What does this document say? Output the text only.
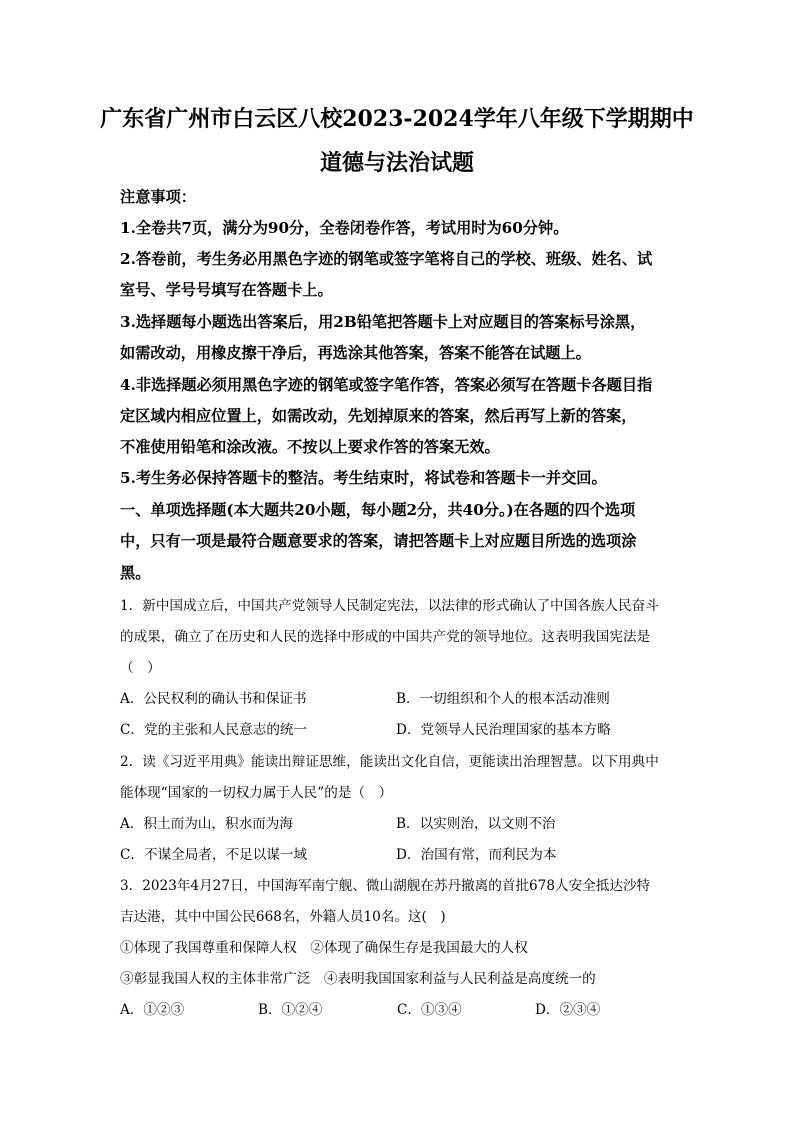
广东省广州市白云区八校2023-2024学年八年级下学期期中
道德与法治试题
注意事项：
1.全卷共7页，满分为90分，全卷闭卷作答，考试用时为60分钟。
2.答卷前，考生务必用黑色字迹的钢笔或签字笔将自己的学校、班级、姓名、试
室号、学号号填写在答题卡上。
3.选择题每小题选出答案后，用2B铅笔把答题卡上对应题目的答案标号涂黑，
如需改动，用橡皮擦干净后，再选涂其他答案，答案不能答在试题上。
4.非选择题必须用黑色字迹的钢笔或签字笔作答，答案必须写在答题卡各题目指
定区域内相应位置上，如需改动，先划掉原来的答案，然后再写上新的答案，
不准使用铅笔和涂改液。不按以上要求作答的答案无效。
5.考生务必保持答题卡的整洁。考生结束时，将试卷和答题卡一并交回。
一、单项选择题(本大题共20小题，每小题2分，共40分。)在各题的四个选项
中，只有一项是最符合题意要求的答案，请把答题卡上对应题目所选的选项涂
黑。
1．新中国成立后，中国共产党领导人民制定宪法，以法律的形式确认了中国各族人民奋斗
的成果，确立了在历史和人民的选择中形成的中国共产党的领导地位。这表明我国宪法是
（　）
A．公民权利的确认书和保证书	B．一切组织和个人的根本活动准则
C．党的主张和人民意志的统一	D．党领导人民治理国家的基本方略
2．读《习近平用典》能读出辩证思维，能读出文化自信，更能读出治理智慧。以下用典中
能体现“国家的一切权力属于人民”的是（　）
A．积土而为山，积水而为海	B．以实则治，以文则不治
C．不谋全局者，不足以谋一域	D．治国有常，而利民为本
3．2023年4月27日，中国海军南宁舰、微山湖舰在苏丹撤离的首批678人安全抵达沙特
吉达港，其中中国公民668名，外籍人员10名。这(　)
①体现了我国尊重和保障人权　②体现了确保生存是我国最大的人权
③彰显我国人权的主体非常广泛　④表明我国国家利益与人民利益是高度统一的
A．①②③	B．①②④	C．①③④	D．②③④
